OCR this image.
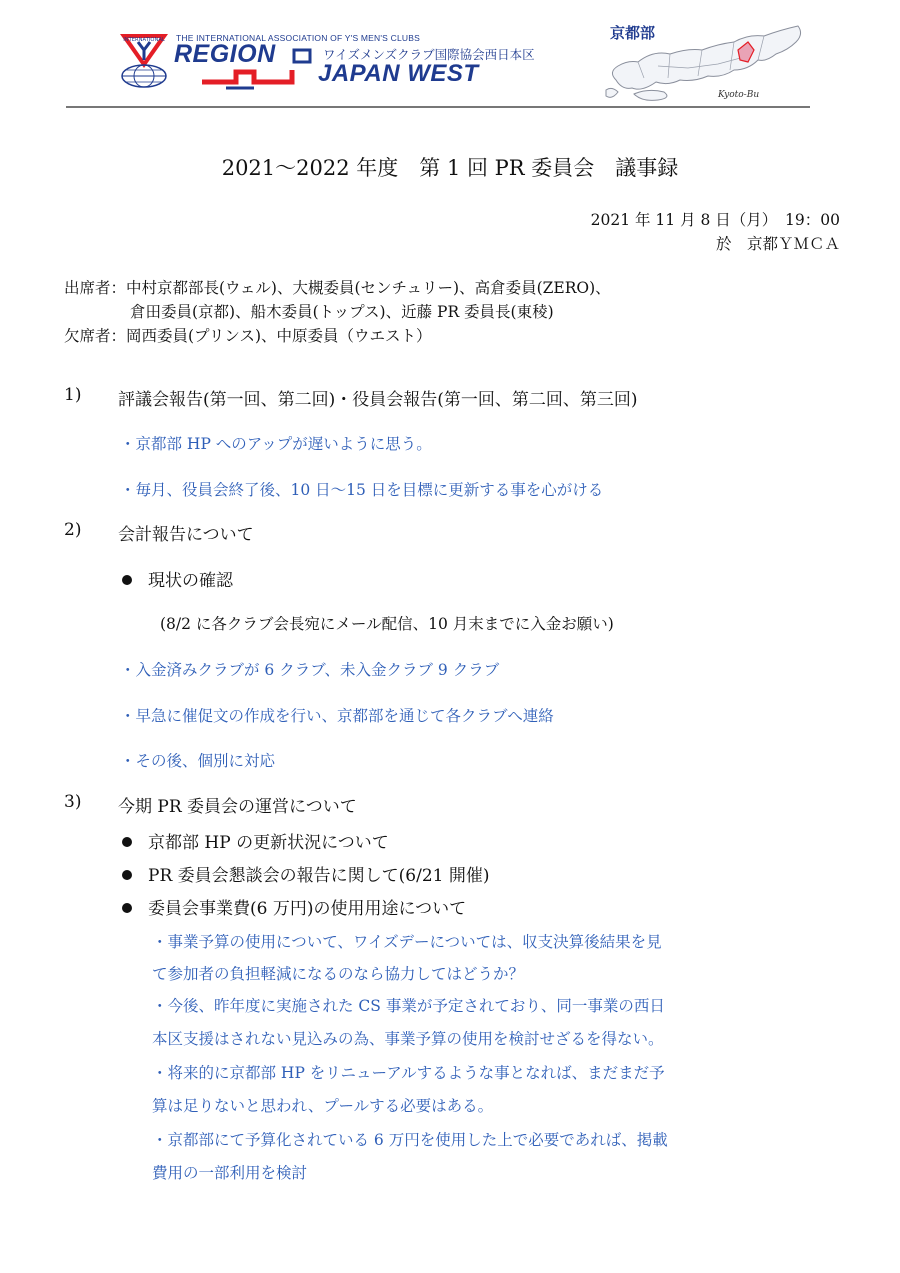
INTERNATIONAL THE INTERNATIONAL ASSOCIATION OF Y'S MEN'S CLUBS
REGION	ワイズメンズクラブ国際協会西日本区
JAPAN WEST
京都部
Kyoto-Bu
2021～2022 年度　第 1 回 PR 委員会　議事録
2021 年 11 月 8 日（月）　19：00
於　京都ＹＭＣＡ
出席者：中村京都部長(ウェル)、大槻委員(センチュリー)、高倉委員(ZERO)、
倉田委員(京都)、船木委員(トップス)、近藤 PR 委員長(東稜)
欠席者：岡西委員(プリンス)、中原委員（ウエスト）
1) 評議会報告(第一回、第二回)・役員会報告(第一回、第二回、第三回)
・京都部 HP へのアップが遅いように思う。
・毎月、役員会終了後、10 日～15 日を目標に更新する事を心がける
2) 会計報告について
現状の確認
(8/2 に各クラブ会長宛にメール配信、10 月末までに入金お願い)
・入金済みクラブが 6 クラブ、未入金クラブ 9 クラブ
・早急に催促文の作成を行い、京都部を通じて各クラブへ連絡
・その後、個別に対応
3) 今期 PR 委員会の運営について
京都部 HP の更新状況について
PR 委員会懇談会の報告に関して(6/21 開催)
委員会事業費(6 万円)の使用用途について
・事業予算の使用について、ワイズデーについては、収支決算後結果を見
て参加者の負担軽減になるのなら協力してはどうか？
・今後、昨年度に実施された CS 事業が予定されており、同一事業の西日
本区支援はされない見込みの為、事業予算の使用を検討せざるを得ない。
・将来的に京都部 HP をリニューアルするような事となれば、まだまだ予
算は足りないと思われ、プールする必要はある。
・京都部にて予算化されている 6 万円を使用した上で必要であれば、掲載
費用の一部利用を検討
